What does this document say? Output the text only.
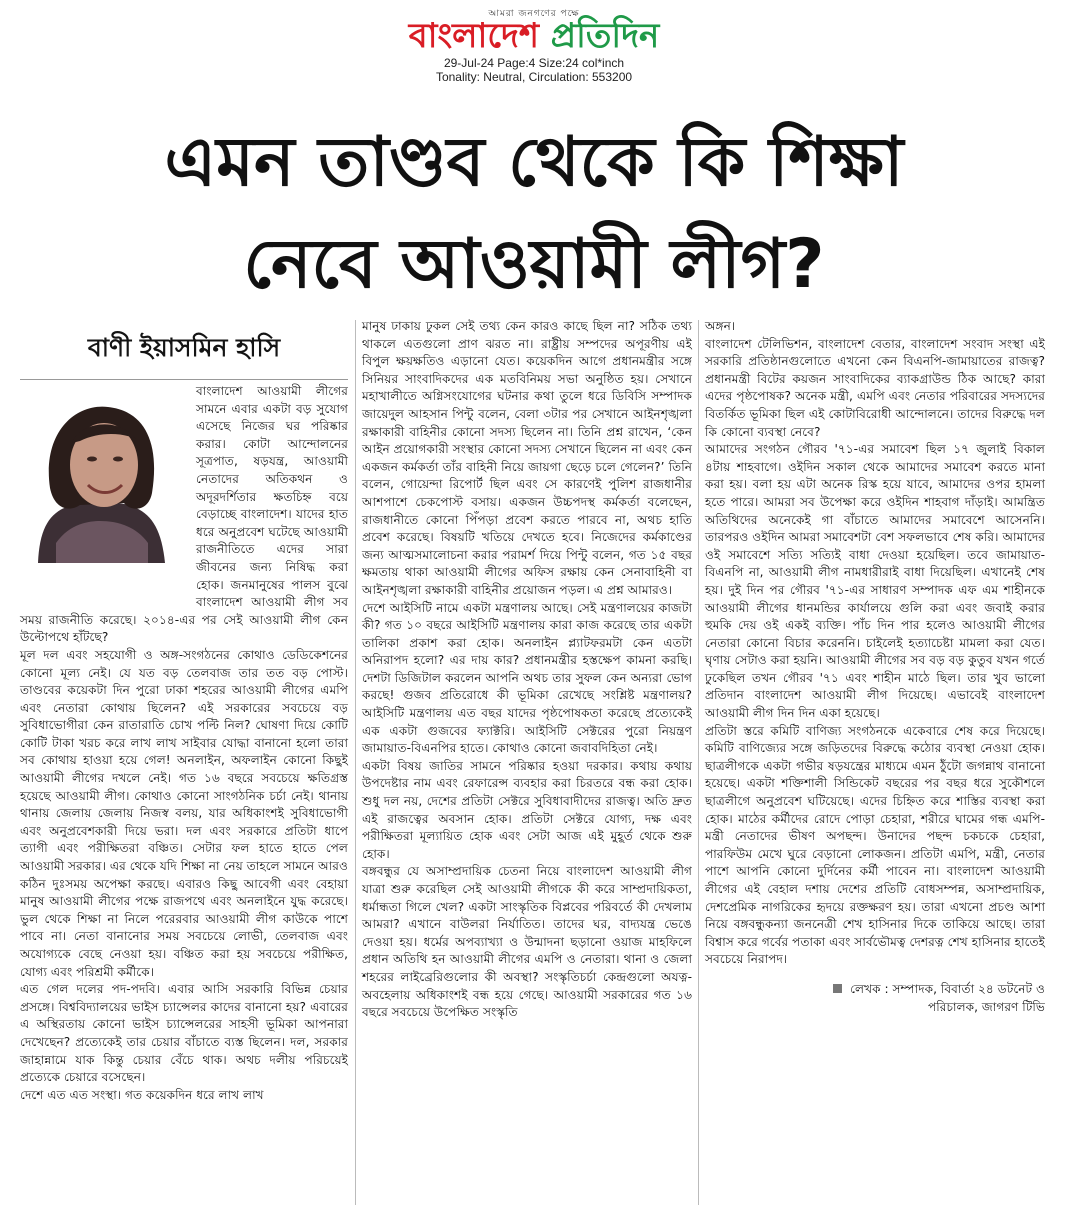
আমরা জনগণের পক্ষে
বাংলাদেশ প্রতিদিন
29-Jul-24 Page:4 Size:24 col*inch
Tonality: Neutral, Circulation: 553200
এমন তাণ্ডব থেকে কি শিক্ষা
নেবে আওয়ামী লীগ?
বাণী ইয়াসমিন হাসি

বাংলাদেশ আওয়ামী লীগের সামনে এবার একটা বড় সুযোগ এসেছে নিজের ঘর পরিষ্কার করার। কোটা আন্দোলনের সূত্রপাত, ষড়যন্ত্র, আওয়ামী নেতাদের অতিকথন ও অদূরদর্শিতার ক্ষতচিহ্ন বয়ে বেড়াচ্ছে বাংলাদেশ। যাদের হাত ধরে অনুপ্রবেশ ঘটেছে আওয়ামী রাজনীতিতে এদের সারা জীবনের জন্য নিষিদ্ধ করা হোক। জনমানুষের পালস বুঝে বাংলাদেশ আওয়ামী লীগ সব সময় রাজনীতি করেছে। ২০১৪-এর পর সেই আওয়ামী লীগ কেন উল্টোপথে হাঁটছে?

মূল দল এবং সহযোগী ও অঙ্গ-সংগঠনের কোথাও ডেডিকেশনের কোনো মূল্য নেই। যে যত বড় তেলবাজ তার তত বড় পোস্ট। তাণ্ডবের কয়েকটা দিন পুরো ঢাকা শহরের আওয়ামী লীগের এমপি এবং নেতারা কোথায় ছিলেন? এই সরকারের সবচেয়ে বড় সুবিধাভোগীরা কেন রাতারাতি চোখ পল্টি নিল? ঘোষণা দিয়ে কোটি কোটি টাকা খরচ করে লাখ লাখ সাইবার যোদ্ধা বানানো হলো তারা সব কোথায় হাওয়া হয়ে গেল! অনলাইন, অফলাইন কোনো কিছুই আওয়ামী লীগের দখলে নেই। গত ১৬ বছরে সবচেয়ে ক্ষতিগ্রস্ত হয়েছে আওয়ামী লীগ। কোথাও কোনো সাংগঠনিক চর্চা নেই। থানায় থানায় জেলায় জেলায় নিজস্ব বলয়, যার অধিকাংশই সুবিধাভোগী এবং অনুপ্রবেশকারী দিয়ে ভরা। দল এবং সরকারে প্রতিটা ধাপে ত্যাগী এবং পরীক্ষিতরা বঞ্চিত। সেটার ফল হাতে হাতে পেল আওয়ামী সরকার। এর থেকে যদি শিক্ষা না নেয় তাহলে সামনে আরও কঠিন দুঃসময় অপেক্ষা করছে। এবারও কিছু আবেগী এবং বেহায়া মানুষ আওয়ামী লীগের পক্ষে রাজপথে এবং অনলাইনে যুদ্ধ করেছে। ভুল থেকে শিক্ষা না নিলে পরেরবার আওয়ামী লীগ কাউকে পাশে পাবে না। নেতা বানানোর সময় সবচেয়ে লোভী, তেলবাজ এবং অযোগ্যকে বেছে নেওয়া হয়। বঞ্চিত করা হয় সবচেয়ে পরীক্ষিত, যোগ্য এবং পরিশ্রমী কর্মীকে।

এত গেল দলের পদ-পদবি। এবার আসি সরকারি বিভিন্ন চেয়ার প্রসঙ্গে। বিশ্ববিদ্যালয়ের ভাইস চ্যান্সেলর কাদের বানানো হয়? এবারের এ অস্থিরতায় কোনো ভাইস চ্যান্সেলরের সাহসী ভূমিকা আপনারা দেখেছেন? প্রত্যেকেই তার চেয়ার বাঁচাতে ব্যস্ত ছিলেন। দল, সরকার জাহান্নামে যাক কিন্তু চেয়ার বেঁচে থাক। অথচ দলীয় পরিচয়েই প্রত্যেকে চেয়ারে বসেছেন।

দেশে এত এত সংস্থা। গত কয়েকদিন ধরে লাখ লাখ

মানুষ ঢাকায় ঢুকল সেই তথ্য কেন কারও কাছে ছিল না? সঠিক তথ্য থাকলে এতগুলো প্রাণ ঝরত না। রাষ্ট্রীয় সম্পদের অপূরণীয় এই বিপুল ক্ষয়ক্ষতিও এড়ানো যেত। কয়েকদিন আগে প্রধানমন্ত্রীর সঙ্গে সিনিয়র সাংবাদিকদের এক মতবিনিময় সভা অনুষ্ঠিত হয়। সেখানে মহাখালীতে অগ্নিসংযোগের ঘটনার কথা তুলে ধরে ডিবিসি সম্পাদক জায়েদুল আহসান পিন্টু বলেন, বেলা ৩টার পর সেখানে আইনশৃঙ্খলা রক্ষাকারী বাহিনীর কোনো সদস্য ছিলেন না। তিনি প্রশ্ন রাখেন, ‘কেন আইন প্রয়োগকারী সংস্থার কোনো সদস্য সেখানে ছিলেন না এবং কেন একজন কর্মকর্তা তাঁর বাহিনী নিয়ে জায়গা ছেড়ে চলে গেলেন?’ তিনি বলেন, গোয়েন্দা রিপোর্ট ছিল এবং সে কারণেই পুলিশ রাজধানীর আশপাশে চেকপোস্ট বসায়। একজন উচ্চপদস্থ কর্মকর্তা বলেছেন, রাজধানীতে কোনো পিঁপড়া প্রবেশ করতে পারবে না, অথচ হাতি প্রবেশ করেছে। বিষয়টি খতিয়ে দেখতে হবে। নিজেদের কর্মকাণ্ডের জন্য আত্মসমালোচনা করার পরামর্শ দিয়ে পিন্টু বলেন, গত ১৫ বছর ক্ষমতায় থাকা আওয়ামী লীগের অফিস রক্ষায় কেন সেনাবাহিনী বা আইনশৃঙ্খলা রক্ষাকারী বাহিনীর প্রয়োজন পড়ল। এ প্রশ্ন আমারও।

দেশে আইসিটি নামে একটা মন্ত্রণালয় আছে। সেই মন্ত্রণালয়ের কাজটা কী? গত ১০ বছরে আইসিটি মন্ত্রণালয় কারা কাজ করেছে তার একটা তালিকা প্রকাশ করা হোক। অনলাইন প্ল্যাটফরমটা কেন এতটা অনিরাপদ হলো? এর দায় কার? প্রধানমন্ত্রীর হস্তক্ষেপ কামনা করছি। দেশটা ডিজিটাল করলেন আপনি অথচ তার সুফল কেন অন্যরা ভোগ করছে! গুজব প্রতিরোধে কী ভূমিকা রেখেছে সংশ্লিষ্ট মন্ত্রণালয়? আইসিটি মন্ত্রণালয় এত বছর যাদের পৃষ্ঠপোষকতা করেছে প্রত্যেকেই এক একটা গুজবের ফ্যাক্টরি। আইসিটি সেক্টরের পুরো নিয়ন্ত্রণ জামায়াত-বিএনপির হাতে। কোথাও কোনো জবাবদিহিতা নেই।

একটা বিষয় জাতির সামনে পরিষ্কার হওয়া দরকার। কথায় কথায় উপদেষ্টার নাম এবং রেফারেন্স ব্যবহার করা চিরতরে বন্ধ করা হোক। শুধু দল নয়, দেশের প্রতিটা সেক্টরে সুবিধাবাদীদের রাজত্ব। অতি দ্রুত এই রাজত্বের অবসান হোক। প্রতিটা সেক্টরে যোগ্য, দক্ষ এবং পরীক্ষিতরা মূল্যায়িত হোক এবং সেটা আজ এই মুহূর্ত থেকে শুরু হোক।

বঙ্গবন্ধুর যে অসাম্প্রদায়িক চেতনা নিয়ে বাংলাদেশ আওয়ামী লীগ যাত্রা শুরু করেছিল সেই আওয়ামী লীগকে কী করে সাম্প্রদায়িকতা, ধর্মান্ধতা গিলে খেল? একটা সাংস্কৃতিক বিপ্লবের পরিবর্তে কী দেখলাম আমরা? এখানে বাউলরা নির্যাতিত। তাদের ঘর, বাদ্যযন্ত্র ভেঙে দেওয়া হয়। ধর্মের অপব্যাখ্যা ও উন্মাদনা ছড়ানো ওয়াজ মাহফিলে প্রধান অতিথি হন আওয়ামী লীগের এমপি ও নেতারা। থানা ও জেলা শহরের লাইব্রেরিগুলোর কী অবস্থা? সংস্কৃতিচর্চা কেন্দ্রগুলো অযত্ন-অবহেলায় অধিকাংশই বন্ধ হয়ে গেছে। আওয়ামী সরকারের গত ১৬ বছরে সবচেয়ে উপেক্ষিত সংস্কৃতি

অঙ্গন।

বাংলাদেশ টেলিভিশন, বাংলাদেশ বেতার, বাংলাদেশ সংবাদ সংস্থা এই সরকারি প্রতিষ্ঠানগুলোতে এখনো কেন বিএনপি-জামায়াতের রাজত্ব? প্রধানমন্ত্রী বিটের কয়জন সাংবাদিকের ব্যাকগ্রাউন্ড ঠিক আছে? কারা এদের পৃষ্ঠপোষক? অনেক মন্ত্রী, এমপি এবং নেতার পরিবারের সদস্যদের বিতর্কিত ভূমিকা ছিল এই কোটাবিরোধী আন্দোলনে। তাদের বিরুদ্ধে দল কি কোনো ব্যবস্থা নেবে?

আমাদের সংগঠন গৌরব '৭১-এর সমাবেশ ছিল ১৭ জুলাই বিকাল ৪টায় শাহবাগে। ওইদিন সকাল থেকে আমাদের সমাবেশ করতে মানা করা হয়। বলা হয় এটা অনেক রিস্ক হয়ে যাবে, আমাদের ওপর হামলা হতে পারে। আমরা সব উপেক্ষা করে ওইদিন শাহবাগ দাঁড়াই। আমন্ত্রিত অতিথিদের অনেকেই গা বাঁচাতে আমাদের সমাবেশে আসেননি। তারপরও ওইদিন আমরা সমাবেশটা বেশ সফলভাবে শেষ করি। আমাদের ওই সমাবেশে সত্যি সত্যিই বাধা দেওয়া হয়েছিল। তবে জামায়াত-বিএনপি না, আওয়ামী লীগ নামধারীরাই বাধা দিয়েছিল। এখানেই শেষ হয়। দুই দিন পর গৌরব '৭১-এর সাধারণ সম্পাদক এফ এম শাহীনকে আওয়ামী লীগের ধানমন্ডির কার্যালয়ে গুলি করা এবং জবাই করার হুমকি দেয় ওই একই ব্যক্তি। পাঁচ দিন পার হলেও আওয়ামী লীগের নেতারা কোনো বিচার করেননি। চাইলেই হত্যাচেষ্টা মামলা করা যেত। ঘৃণায় সেটাও করা হয়নি। আওয়ামী লীগের সব বড় বড় কুতুব যখন গর্তে ঢুকেছিল তখন গৌরব '৭১ এবং শাহীন মাঠে ছিল। তার খুব ভালো প্রতিদান বাংলাদেশ আওয়ামী লীগ দিয়েছে। এভাবেই বাংলাদেশ আওয়ামী লীগ দিন দিন একা হয়েছে।

প্রতিটা স্তরে কমিটি বাণিজ্য সংগঠনকে একেবারে শেষ করে দিয়েছে। কমিটি বাণিজ্যের সঙ্গে জড়িতদের বিরুদ্ধে কঠোর ব্যবস্থা নেওয়া হোক। ছাত্রলীগকে একটা গভীর ষড়যন্ত্রের মাধ্যমে এমন ঠুঁটো জগন্নাথ বানানো হয়েছে। একটা শক্তিশালী সিন্ডিকেট বছরের পর বছর ধরে সুকৌশলে ছাত্রলীগে অনুপ্রবেশ ঘটিয়েছে। এদের চিহ্নিত করে শাস্তির ব্যবস্থা করা হোক। মাঠের কর্মীদের রোদে পোড়া চেহারা, শরীরে ঘামের গন্ধ এমপি-মন্ত্রী নেতাদের ভীষণ অপছন্দ। উনাদের পছন্দ চকচকে চেহারা, পারফিউম মেখে ঘুরে বেড়ানো লোকজন। প্রতিটা এমপি, মন্ত্রী, নেতার পাশে আপনি কোনো দুর্দিনের কর্মী পাবেন না। বাংলাদেশ আওয়ামী লীগের এই বেহাল দশায় দেশের প্রতিটি বোধসম্পন্ন, অসাম্প্রদায়িক, দেশপ্রেমিক নাগরিকের হৃদয়ে রক্তক্ষরণ হয়। তারা এখনো প্রচণ্ড আশা নিয়ে বঙ্গবন্ধুকন্যা জননেত্রী শেখ হাসিনার দিকে তাকিয়ে আছে। তারা বিশ্বাস করে গর্বের পতাকা এবং সার্বভৌমত্ব দেশরত্ন শেখ হাসিনার হাতেই সবচেয়ে নিরাপদ।

লেখক : সম্পাদক, বিবার্তা ২৪ ডটনেট ও
পরিচালক, জাগরণ টিভি
